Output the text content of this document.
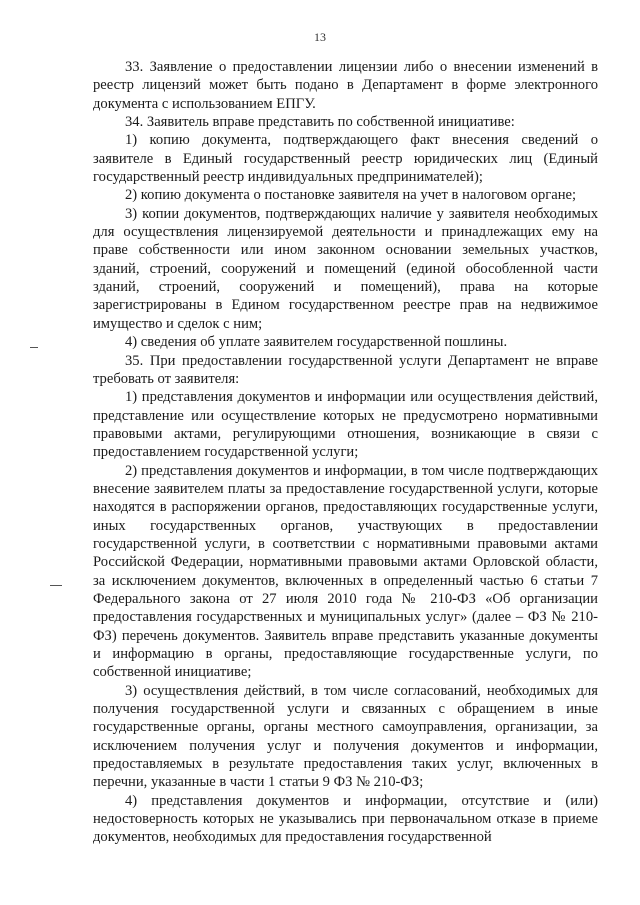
13

33. Заявление о предоставлении лицензии либо о внесении изменений в реестр лицензий может быть подано в Департамент в форме электронного документа с использованием ЕПГУ.

34. Заявитель вправе представить по собственной инициативе:

1) копию документа, подтверждающего факт внесения сведений о заявителе в Единый государственный реестр юридических лиц (Единый государственный реестр индивидуальных предпринимателей);

2) копию документа о постановке заявителя на учет в налоговом органе;

3) копии документов, подтверждающих наличие у заявителя необходимых для осуществления лицензируемой деятельности и принадлежащих ему на праве собственности или ином законном основании земельных участков, зданий, строений, сооружений и помещений (единой обособленной части зданий, строений, сооружений и помещений), права на которые зарегистрированы в Едином государственном реестре прав на недвижимое имущество и сделок с ним;

4) сведения об уплате заявителем государственной пошлины.

35. При предоставлении государственной услуги Департамент не вправе требовать от заявителя:

1) представления документов и информации или осуществления действий, представление или осуществление которых не предусмотрено нормативными правовыми актами, регулирующими отношения, возникающие в связи с предоставлением государственной услуги;

2) представления документов и информации, в том числе подтверждающих внесение заявителем платы за предоставление государственной услуги, которые находятся в распоряжении органов, предоставляющих государственные услуги, иных государственных органов, участвующих в предоставлении государственной услуги, в соответствии с нормативными правовыми актами Российской Федерации, нормативными правовыми актами Орловской области, за исключением документов, включенных в определенный частью 6 статьи 7 Федерального закона от 27 июля 2010 года № 210-ФЗ «Об организации предоставления государственных и муниципальных услуг» (далее – ФЗ № 210-ФЗ) перечень документов. Заявитель вправе представить указанные документы и информацию в органы, предоставляющие государственные услуги, по собственной инициативе;

3) осуществления действий, в том числе согласований, необходимых для получения государственной услуги и связанных с обращением в иные государственные органы, органы местного самоуправления, организации, за исключением получения услуг и получения документов и информации, предоставляемых в результате предоставления таких услуг, включенных в перечни, указанные в части 1 статьи 9 ФЗ № 210-ФЗ;

4) представления документов и информации, отсутствие и (или) недостоверность которых не указывались при первоначальном отказе в приеме документов, необходимых для предоставления государственной
